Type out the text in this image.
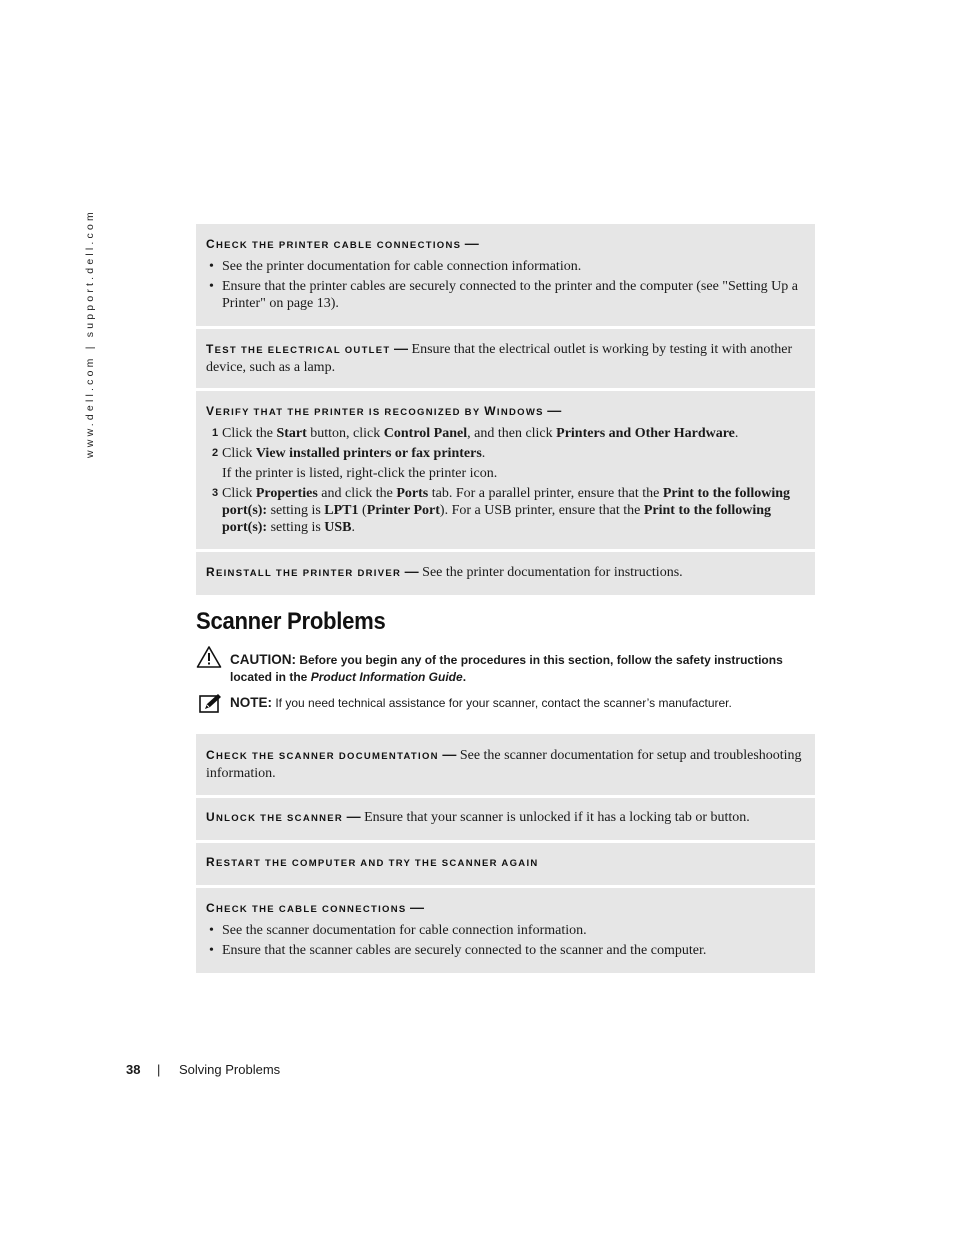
www.dell.com | support.dell.com	CHECK THE PRINTER CABLE CONNECTIONS —
• See the printer documentation for cable connection information.
• Ensure that the printer cables are securely connected to the printer and the computer (see "Setting Up a Printer" on page 13).
TEST THE ELECTRICAL OUTLET — Ensure that the electrical outlet is working by testing it with another device, such as a lamp.
VERIFY THAT THE PRINTER IS RECOGNIZED BY WINDOWS —
1 Click the Start button, click Control Panel, and then click Printers and Other Hardware.
2 Click View installed printers or fax printers.
If the printer is listed, right-click the printer icon.
3 Click Properties and click the Ports tab. For a parallel printer, ensure that the Print to the following port(s): setting is LPT1 (Printer Port). For a USB printer, ensure that the Print to the following port(s): setting is USB.
REINSTALL THE PRINTER DRIVER — See the printer documentation for instructions.
Scanner Problems
CAUTION: Before you begin any of the procedures in this section, follow the safety instructions located in the Product Information Guide.
NOTE: If you need technical assistance for your scanner, contact the scanner’s manufacturer.
CHECK THE SCANNER DOCUMENTATION — See the scanner documentation for setup and troubleshooting information.
UNLOCK THE SCANNER — Ensure that your scanner is unlocked if it has a locking tab or button.
RESTART THE COMPUTER AND TRY THE SCANNER AGAIN
CHECK THE CABLE CONNECTIONS —
• See the scanner documentation for cable connection information.
• Ensure that the scanner cables are securely connected to the scanner and the computer.
38 | Solving Problems
